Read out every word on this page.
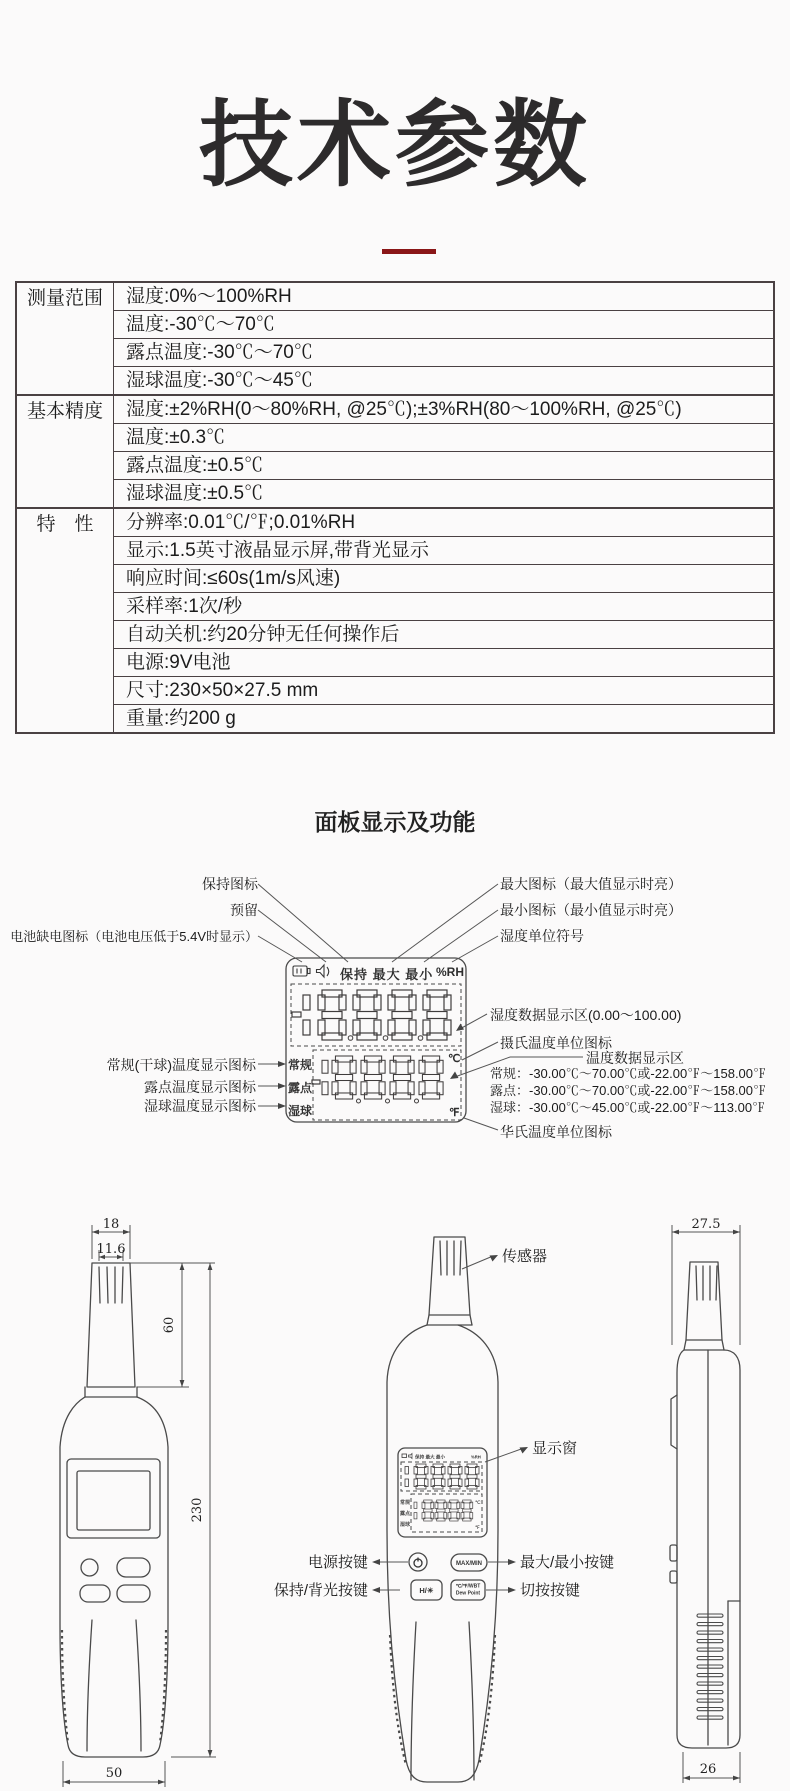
技术参数
测量范围	湿度:0%～100%RH
	温度:-30℃～70℃
	露点温度:-30℃～70℃
	湿球温度:-30℃～45℃
基本精度	湿度:±2%RH(0～80%RH, @25℃);±3%RH(80～100%RH, @25℃)
	温度:±0.3℃
	露点温度:±0.5℃
	湿球温度:±0.5℃
特　性	分辨率:0.01℃/℉;0.01%RH
	显示:1.5英寸液晶显示屏,带背光显示
	响应时间:≤60s(1m/s风速)
	采样率:1次/秒
	自动关机:约20分钟无任何操作后
	电源:9V电池
	尺寸:230×50×27.5 mm
	重量:约200 g
面板显示及功能
保持图标
预留
电池缺电图标（电池电压低于5.4V时显示）
最大图标（最大值显示时亮）
最小图标（最小值显示时亮）
湿度单位符号
湿度数据显示区(0.00～100.00)
摄氏温度单位图标
温度数据显示区
常规：-30.00℃～70.00℃或-22.00℉～158.00℉
露点：-30.00℃～70.00℃或-22.00℉～158.00℉
湿球：-30.00℃～45.00℃或-22.00℉～113.00℉
华氏温度单位图标
常规(干球)温度显示图标
露点温度显示图标
湿球温度显示图标
保持 最大 最小 %RH
常规
露点
湿球
℃
℉
18
11.6
60
230
50
保持 最大 最小	%RH
常规
露点
湿球
℃
℉
MAX/MIN
H/☀	℃/℉/WBT
Dew Point
传感器
显示窗
电源按键
保持/背光按键
最大/最小按键
切按按键
27.5
26
